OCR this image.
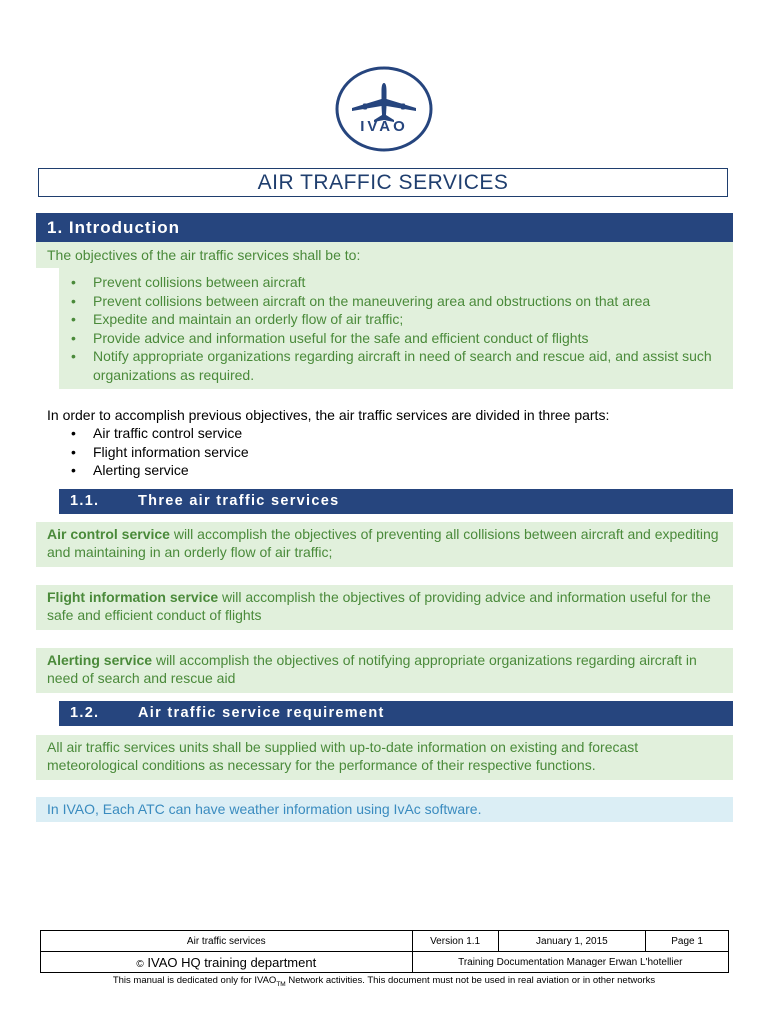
IVAO
AIR TRAFFIC SERVICES
1. Introduction
The objectives of the air traffic services shall be to:
• Prevent collisions between aircraft
• Prevent collisions between aircraft on the maneuvering area and obstructions on that area
• Expedite and maintain an orderly flow of air traffic;
• Provide advice and information useful for the safe and efficient conduct of flights
• Notify appropriate organizations regarding aircraft in need of search and rescue aid, and assist such organizations as required.
In order to accomplish previous objectives, the air traffic services are divided in three parts:
• Air traffic control service
• Flight information service
• Alerting service
1.1.	Three air traffic services
Air control service will accomplish the objectives of preventing all collisions between aircraft and expediting and maintaining in an orderly flow of air traffic;
Flight information service will accomplish the objectives of providing advice and information useful for the safe and efficient conduct of flights
Alerting service will accomplish the objectives of notifying appropriate organizations regarding aircraft in need of search and rescue aid
1.2.	Air traffic service requirement
All air traffic services units shall be supplied with up-to-date information on existing and forecast meteorological conditions as necessary for the performance of their respective functions.
In IVAO, Each ATC can have weather information using IvAc software.
Air traffic services	Version 1.1	January 1, 2015	Page 1
© IVAO HQ training department	Training Documentation Manager Erwan L'hotellier		
This manual is dedicated only for $IVAO_{TM}$ Network activities. This document must not be used in real aviation or in other networks
